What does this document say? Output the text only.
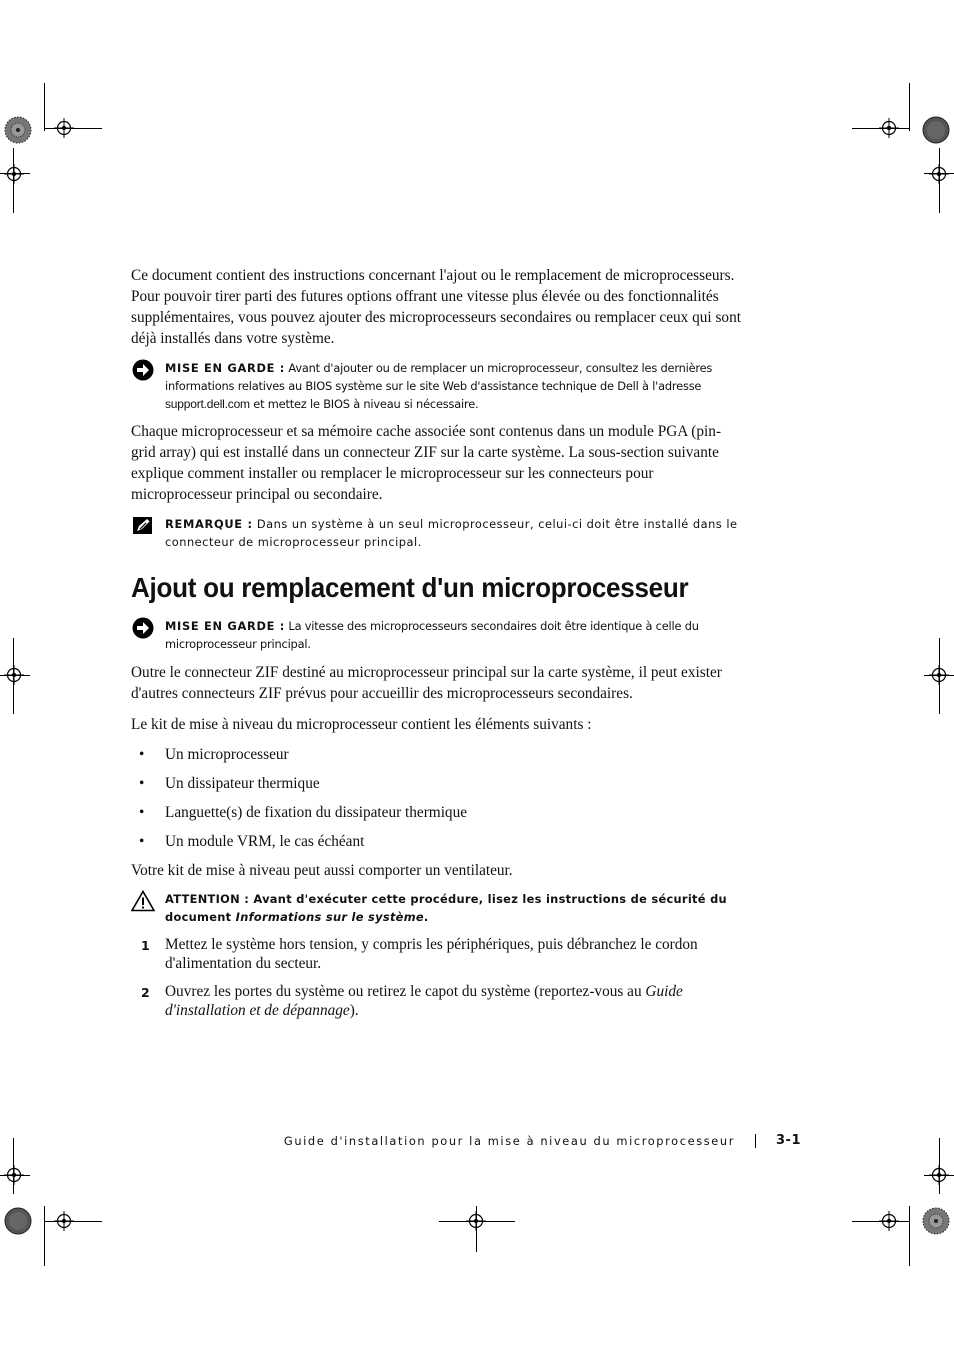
Ce document contient des instructions concernant l'ajout ou le remplacement de microprocesseurs. Pour pouvoir tirer parti des futures options offrant une vitesse plus élevée ou des fonctionnalités supplémentaires, vous pouvez ajouter des microprocesseurs secondaires ou remplacer ceux qui sont déjà installés dans votre système.

MISE EN GARDE : Avant d'ajouter ou de remplacer un microprocesseur, consultez les dernières informations relatives au BIOS système sur le site Web d'assistance technique de Dell à l'adresse support.dell.com et mettez le BIOS à niveau si nécessaire.

Chaque microprocesseur et sa mémoire cache associée sont contenus dans un module PGA (pin-grid array) qui est installé dans un connecteur ZIF sur la carte système. La sous-section suivante explique comment installer ou remplacer le microprocesseur sur les connecteurs pour microprocesseur principal ou secondaire.

REMARQUE : Dans un système à un seul microprocesseur, celui-ci doit être installé dans le connecteur de microprocesseur principal.
Ajout ou remplacement d'un microprocesseur
MISE EN GARDE : La vitesse des microprocesseurs secondaires doit être identique à celle du microprocesseur principal.

Outre le connecteur ZIF destiné au microprocesseur principal sur la carte système, il peut exister d'autres connecteurs ZIF prévus pour accueillir des microprocesseurs secondaires.

Le kit de mise à niveau du microprocesseur contient les éléments suivants :

• Un microprocesseur
• Un dissipateur thermique
• Languette(s) de fixation du dissipateur thermique
• Un module VRM, le cas échéant

Votre kit de mise à niveau peut aussi comporter un ventilateur.

ATTENTION : Avant d'exécuter cette procédure, lisez les instructions de sécurité du document Informations sur le système.
1 Mettez le système hors tension, y compris les périphériques, puis débranchez le cordon d'alimentation du secteur.
2 Ouvrez les portes du système ou retirez le capot du système (reportez-vous au Guide d'installation et de dépannage).
Guide d'installation pour la mise à niveau du microprocesseur	3-1
